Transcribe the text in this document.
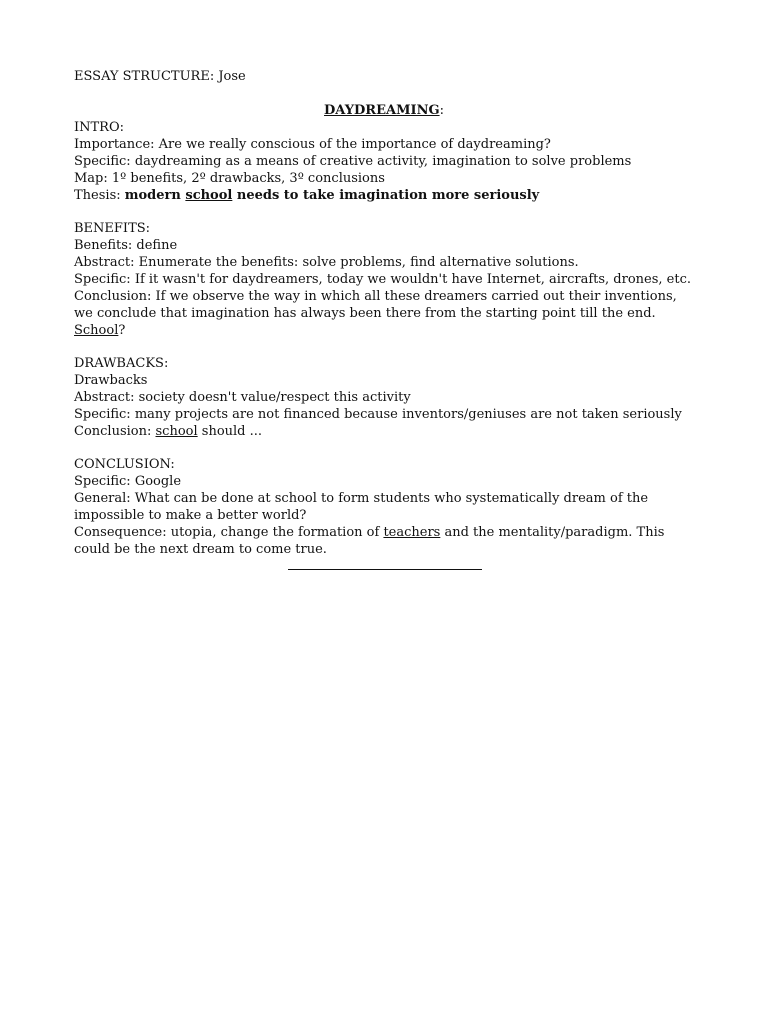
ESSAY STRUCTURE: Jose
DAYDREAMING:
INTRO:
Importance: Are we really conscious of the importance of daydreaming?
Specific: daydreaming as a means of creative activity, imagination to solve problems
Map: 1º benefits, 2º drawbacks, 3º conclusions
Thesis: modern school needs to take imagination more seriously
BENEFITS:
Benefits: define
Abstract: Enumerate the benefits: solve problems, find alternative solutions.
Specific: If it wasn't for daydreamers, today we wouldn't have Internet, aircrafts, drones, etc.
Conclusion: If we observe the way in which all these dreamers carried out their inventions, we conclude that imagination has always been there from the starting point till the end. School?
DRAWBACKS:
Drawbacks
Abstract: society doesn't value/respect this activity
Specific: many projects are not financed because inventors/geniuses are not taken seriously
Conclusion: school should ...
CONCLUSION:
Specific: Google
General: What can be done at school to form students who systematically dream of the impossible to make a better world?
Consequence: utopia, change the formation of teachers and the mentality/paradigm. This could be the next dream to come true.
